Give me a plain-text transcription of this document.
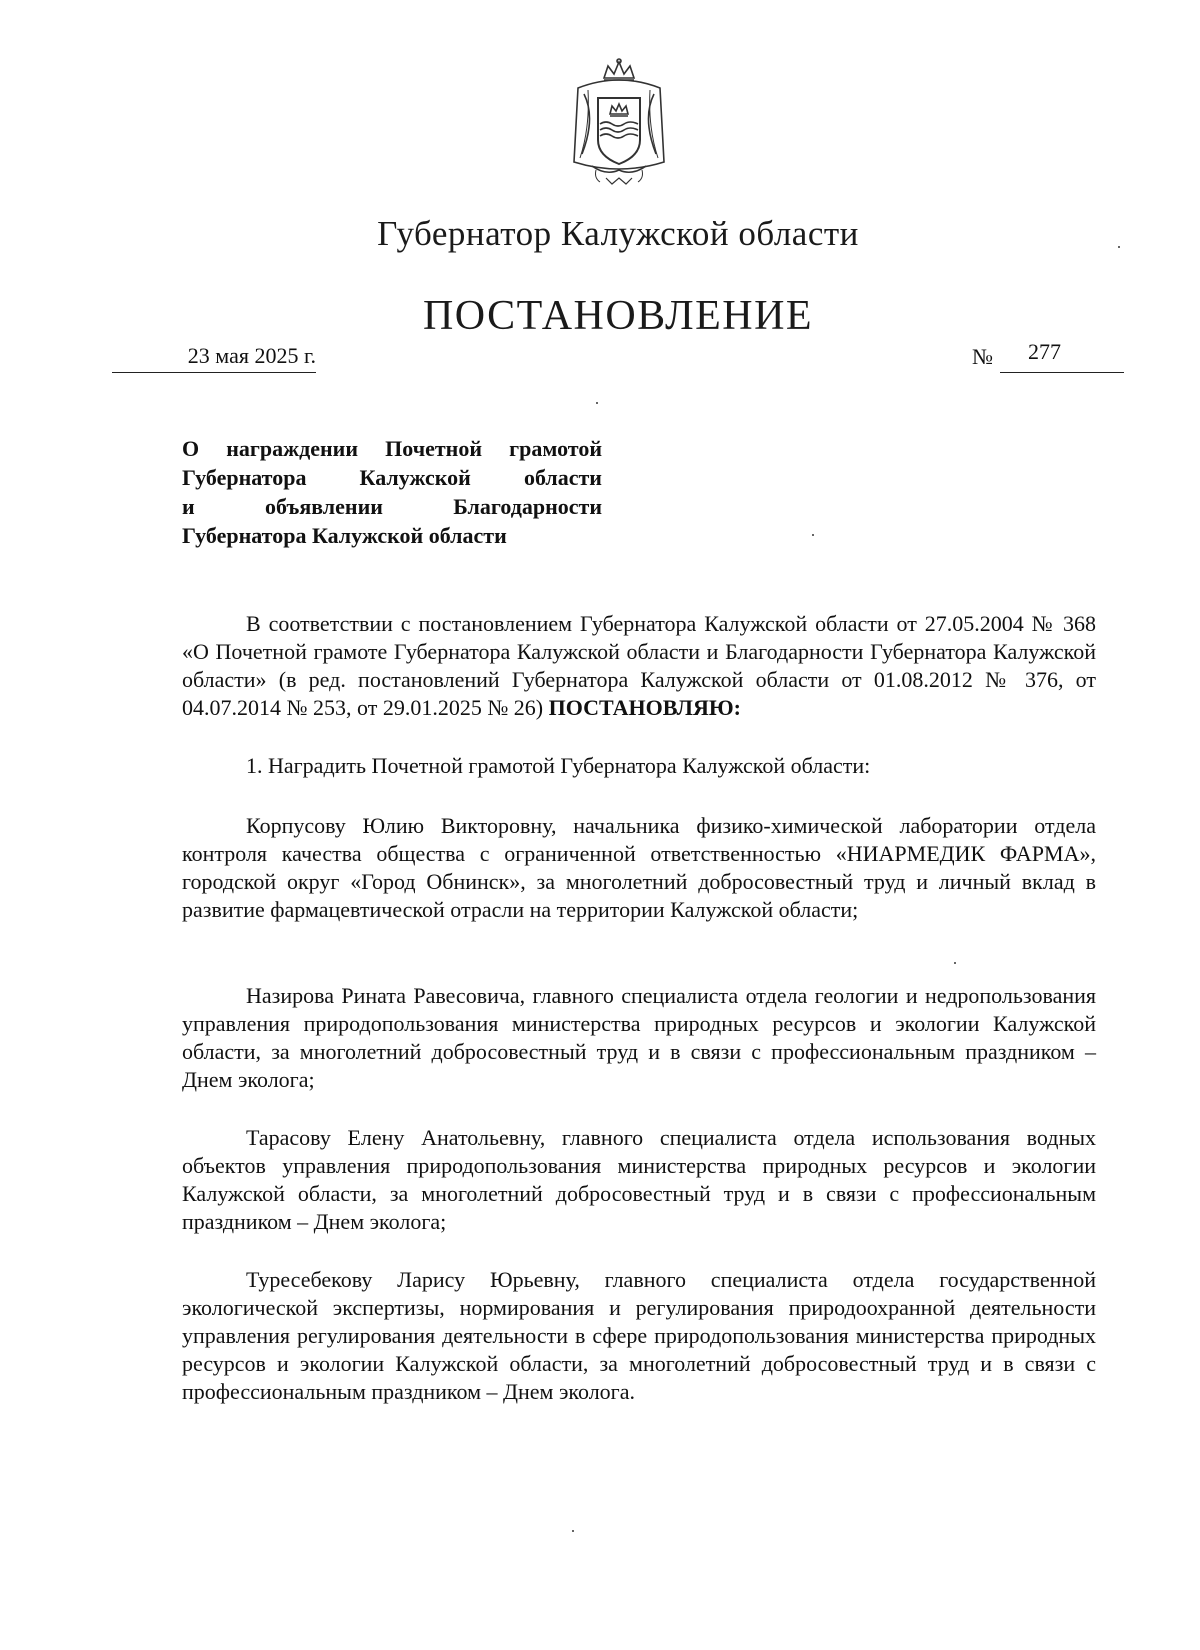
Губернатор Калужской области
ПОСТАНОВЛЕНИЕ
23 мая 2025 г.	№ 277
О награждении Почетной грамотой
Губернатора Калужской области
и объявлении Благодарности
Губернатора Калужской области

В соответствии с постановлением Губернатора Калужской области от 27.05.2004 № 368 «О Почетной грамоте Губернатора Калужской области и Благодарности Губернатора Калужской области» (в ред. постановлений Губернатора Калужской области от 01.08.2012 № 376, от 04.07.2014 № 253, от 29.01.2025 № 26) ПОСТАНОВЛЯЮ:

1. Наградить Почетной грамотой Губернатора Калужской области:

Корпусову Юлию Викторовну, начальника физико-химической лаборатории отдела контроля качества общества с ограниченной ответственностью «НИАРМЕДИК ФАРМА», городской округ «Город Обнинск», за многолетний добросовестный труд и личный вклад в развитие фармацевтической отрасли на территории Калужской области;

Назирова Рината Равесовича, главного специалиста отдела геологии и недропользования управления природопользования министерства природных ресурсов и экологии Калужской области, за многолетний добросовестный труд и в связи с профессиональным праздником – Днем эколога;

Тарасову Елену Анатольевну, главного специалиста отдела использования водных объектов управления природопользования министерства природных ресурсов и экологии Калужской области, за многолетний добросовестный труд и в связи с профессиональным праздником – Днем эколога;

Туресебекову Ларису Юрьевну, главного специалиста отдела государственной экологической экспертизы, нормирования и регулирования природоохранной деятельности управления регулирования деятельности в сфере природопользования министерства природных ресурсов и экологии Калужской области, за многолетний добросовестный труд и в связи с профессиональным праздником – Днем эколога.
